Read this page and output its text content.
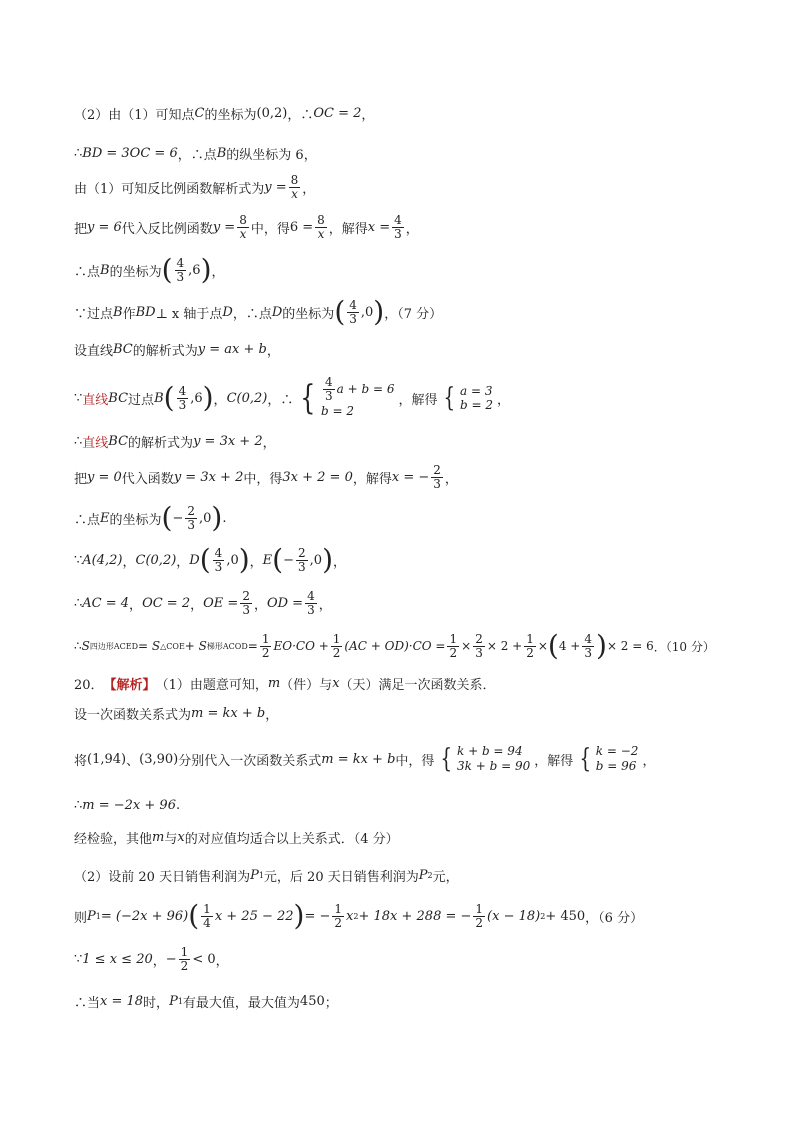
（2）由（1）可知点 C 的坐标为 (0,2) ，∴ OC = 2 ，
∴ BD = 3OC = 6 ，∴点 B 的纵坐标为 6，
由（1）可知反比例函数解析式为 $y = \frac{8}{x}$ ，
把 y = 6 代入反比例函数 $y = \frac{8}{x}$ 中，得 $6 = \frac{8}{x}$ ，解得 $x = \frac{4}{3}$ ，
∴点 B 的坐标为 ( $\frac{4}{3} ,6$ ) ，
∵过点 B 作 BD ⊥ x 轴于点 D ，∴点 D 的坐标为 ( $\frac{4}{3} ,0$ ) ，（7 分）
设直线 BC 的解析式为 y = ax + b ，
∵ 直线 BC 过点 B ( $\frac{4}{3} ,6$ ) ， C(0,2) ，∴ { $\frac{4}{3}$ a + b = 6
b = 2
，解得 { a = 3
b = 2 ，
∴ 直线 BC 的解析式为 y = 3x + 2 ，
把 y = 0 代入函数 y = 3x + 2 中，得 3x + 2 = 0 ，解得 x = − $\frac{2}{3}$ ，
∴点 E 的坐标为 ( − $\frac{2}{3} ,0$ ) .
∵ A(4,2) ， C(0,2) ， D ( $\frac{4}{3} ,0$ ) ， E ( − $\frac{2}{3} ,0$ ) ，
∴ AC = 4 ， OC = 2 ， OE = $\frac{2}{3}$ ， OD = $\frac{4}{3}$ ，
∴ S 四边形ACED = S △COE + S 梯形ACOD = $\frac{1}{2} EO\cdot CO + \frac{1}{2} (AC + OD)\cdot CO = \frac{1}{2} \times \frac{2}{3} \times 2 + \frac{1}{2}$ × ( $4 + \frac{4}{3}$ ) × 2 = 6 ．（10 分）
20． 【解析】 （1）由题意可知， m （件）与 x （天）满足一次函数关系．
设一次函数关系式为 m = kx + b ，
将 (1,94) 、 (3,90) 分别代入一次函数关系式 m = kx + b 中，得 { k + b = 94
3k + b = 90 ，解得 { k = −2
b = 96 ，
∴ m = −2x + 96 .
经检验，其他 m 与 x 的对应值均适合以上关系式．（4 分）
（2）设前 20 天日销售利润为 P 1 元，后 20 天日销售利润为 P 2 元，
则 P 1 = (−2x + 96) ( $\frac{1}{4}$ x + 25 − 22 ) = − $\frac{1}{2}$ x 2 + 18x + 288 = − $\frac{1}{2} (x - 18) 2 + 450$ ，（6 分）
∵ 1 ≤ x ≤ 20 ， − $\frac{1}{2} < 0$ ，
∴当 x = 18 时， P 1 有最大值，最大值为 450 ；
